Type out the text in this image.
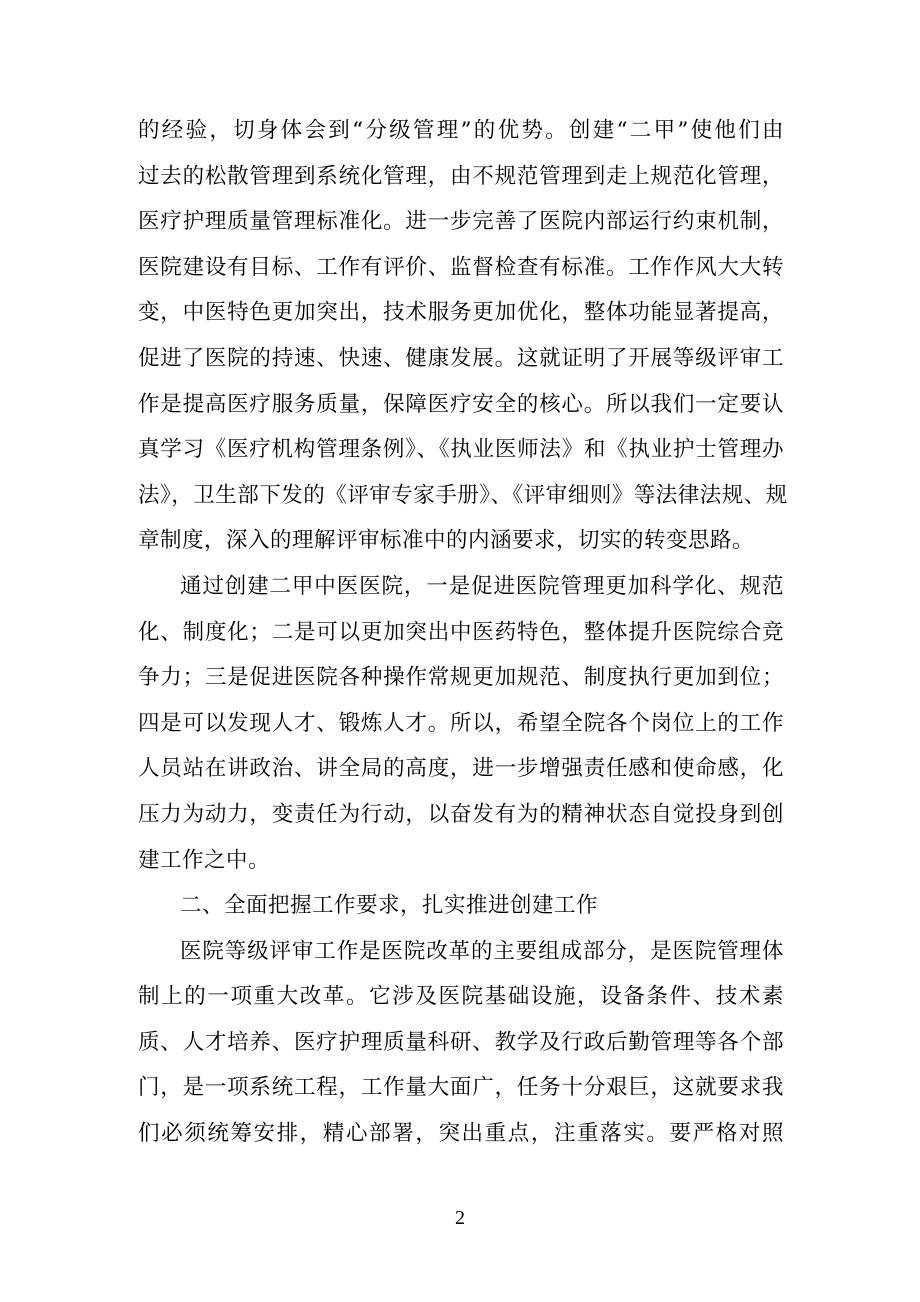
的经验，切身体会到“分级管理”的优势。创建“二甲”使他们由
过去的松散管理到系统化管理，由不规范管理到走上规范化管理，
医疗护理质量管理标准化。进一步完善了医院内部运行约束机制，
医院建设有目标、工作有评价、监督检查有标准。工作作风大大转
变，中医特色更加突出，技术服务更加优化，整体功能显著提高，
促进了医院的持速、快速、健康发展。这就证明了开展等级评审工
作是提高医疗服务质量，保障医疗安全的核心。所以我们一定要认
真学习《医疗机构管理条例》、《执业医师法》和《执业护士管理办
法》，卫生部下发的《评审专家手册》、《评审细则》等法律法规、规
章制度，深入的理解评审标准中的内涵要求，切实的转变思路。
通过创建二甲中医医院，一是促进医院管理更加科学化、规范
化、制度化；二是可以更加突出中医药特色，整体提升医院综合竞
争力；三是促进医院各种操作常规更加规范、制度执行更加到位；
四是可以发现人才、锻炼人才。所以，希望全院各个岗位上的工作
人员站在讲政治、讲全局的高度，进一步增强责任感和使命感，化
压力为动力，变责任为行动，以奋发有为的精神状态自觉投身到创
建工作之中。
二、全面把握工作要求，扎实推进创建工作
医院等级评审工作是医院改革的主要组成部分，是医院管理体
制上的一项重大改革。它涉及医院基础设施，设备条件、技术素
质、人才培养、医疗护理质量科研、教学及行政后勤管理等各个部
门，是一项系统工程，工作量大面广，任务十分艰巨，这就要求我
们必须统筹安排，精心部署，突出重点，注重落实。要严格对照
2
